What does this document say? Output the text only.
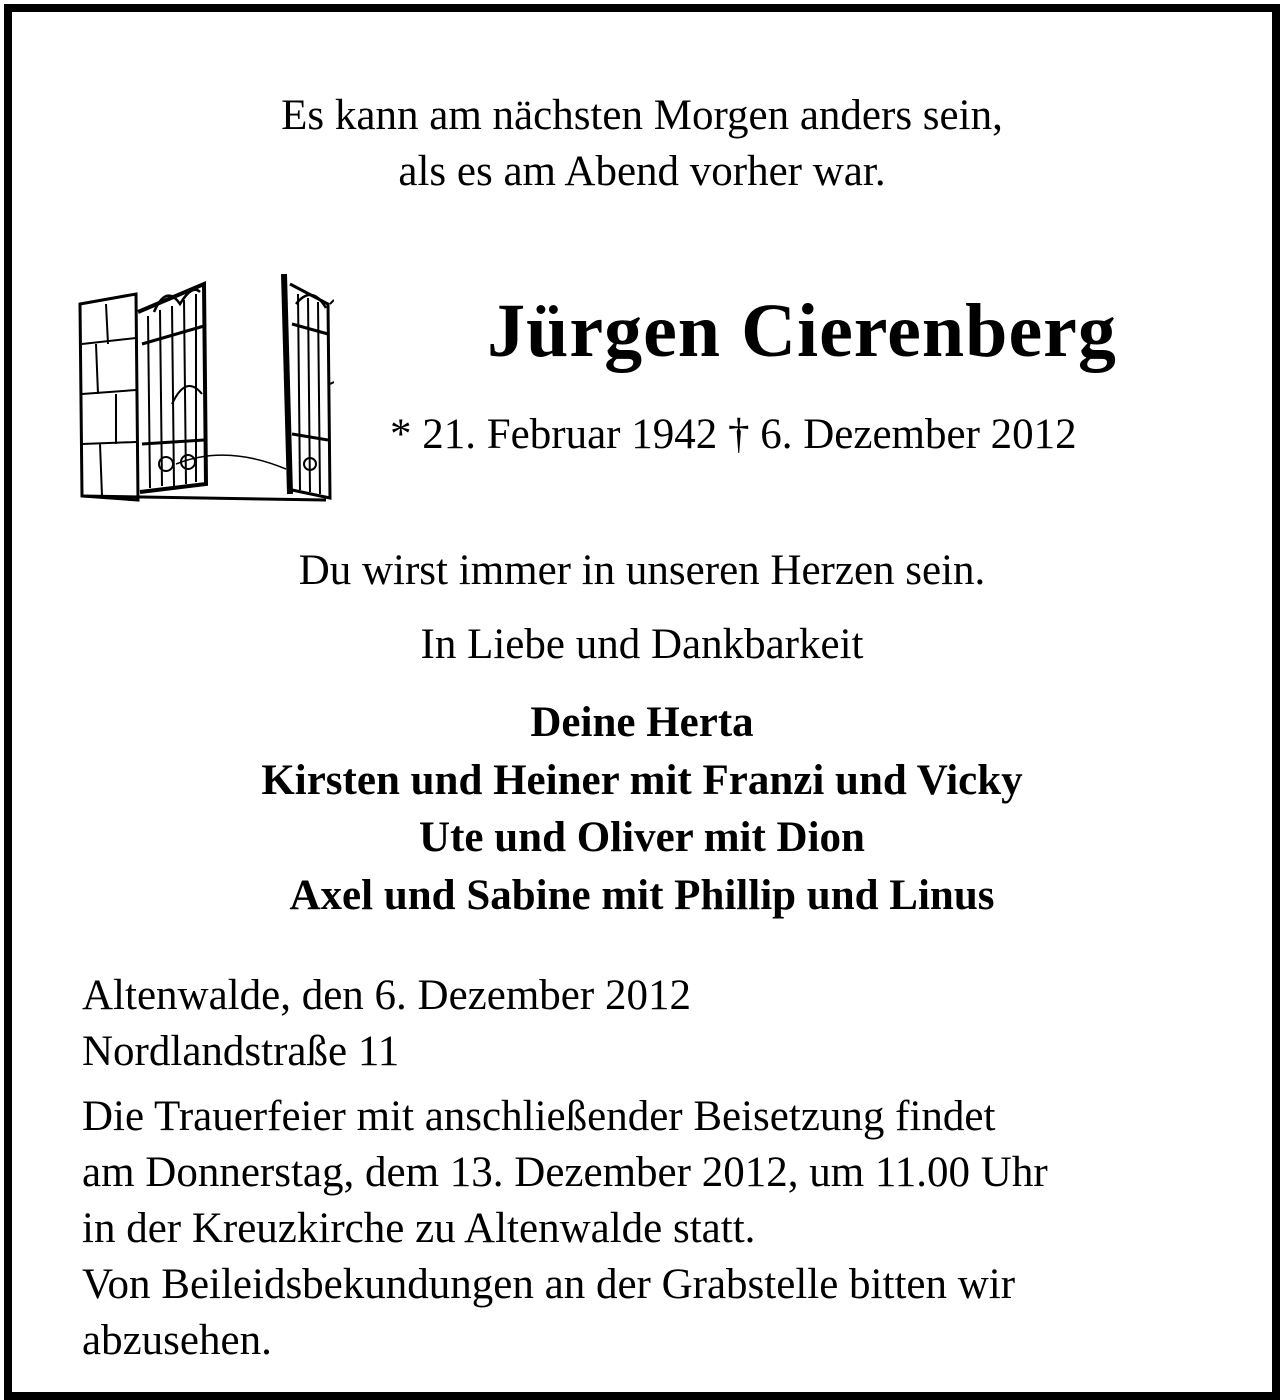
Es kann am nächsten Morgen anders sein,
als es am Abend vorher war.
Jürgen Cierenberg
* 21. Februar 1942 † 6. Dezember 2012
Du wirst immer in unseren Herzen sein.
In Liebe und Dankbarkeit
Deine Herta
Kirsten und Heiner mit Franzi und Vicky
Ute und Oliver mit Dion
Axel und Sabine mit Phillip und Linus
Altenwalde, den 6. Dezember 2012
Nordlandstraße 11
Die Trauerfeier mit anschließender Beisetzung findet
am Donnerstag, dem 13. Dezember 2012, um 11.00 Uhr
in der Kreuzkirche zu Altenwalde statt.
Von Beileidsbekundungen an der Grabstelle bitten wir
abzusehen.
